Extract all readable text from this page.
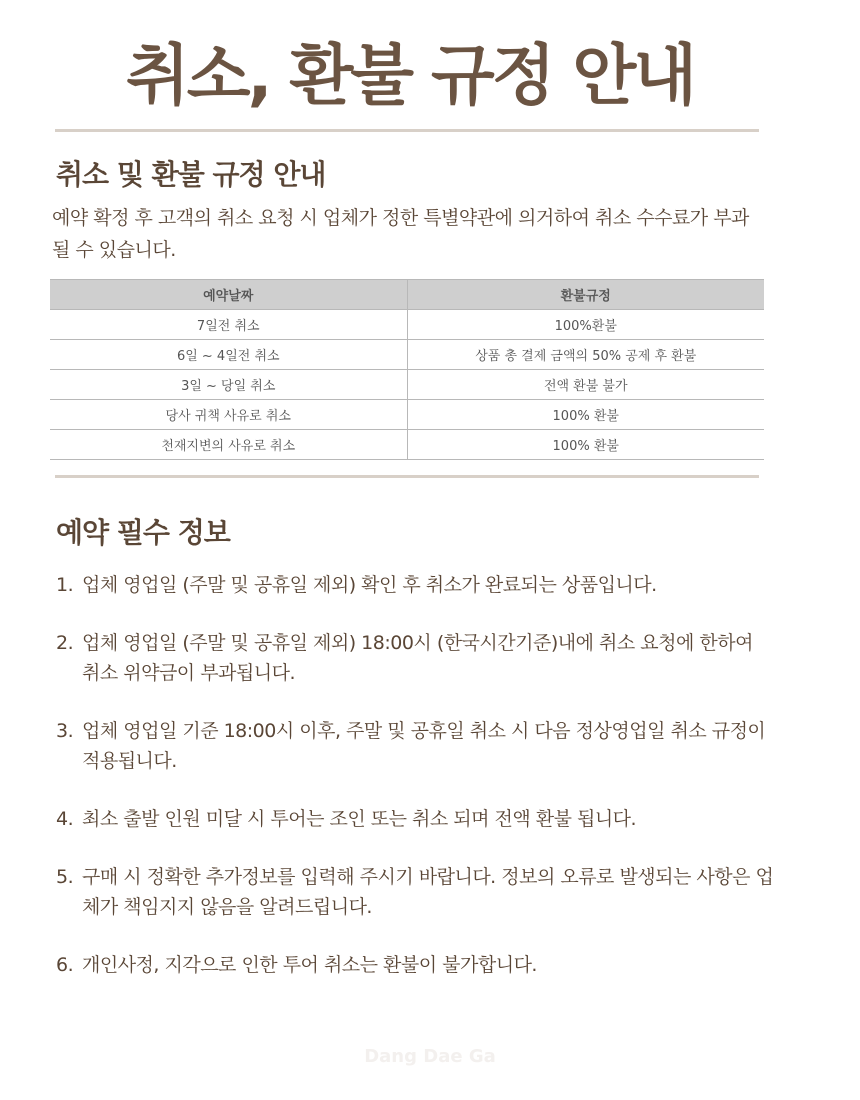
취소, 환불 규정 안내
취소 및 환불 규정 안내
예약 확정 후 고객의 취소 요청 시 업체가 정한 특별약관에 의거하여 취소 수수료가 부과 될 수 있습니다.
예약날짜	환불규정
7일전 취소	100%환불
6일 ~ 4일전 취소	상품 총 결제 금액의 50% 공제 후 환불
3일 ~ 당일 취소	전액 환불 불가
당사 귀책 사유로 취소	100% 환불
천재지변의 사유로 취소	100% 환불
예약 필수 정보
1. 업체 영업일 (주말 및 공휴일 제외) 확인 후 취소가 완료되는 상품입니다.
2. 업체 영업일 (주말 및 공휴일 제외) 18:00시 (한국시간기준)내에 취소 요청에 한하여 취소 위약금이 부과됩니다.
3. 업체 영업일 기준 18:00시 이후, 주말 및 공휴일 취소 시 다음 정상영업일 취소 규정이 적용됩니다.
4. 최소 출발 인원 미달 시 투어는 조인 또는 취소 되며 전액 환불 됩니다.
5. 구매 시 정확한 추가정보를 입력해 주시기 바랍니다. 정보의 오류로 발생되는 사항은 업체가 책임지지 않음을 알려드립니다.
6. 개인사정, 지각으로 인한 투어 취소는 환불이 불가합니다.
Dang Dae Ga
